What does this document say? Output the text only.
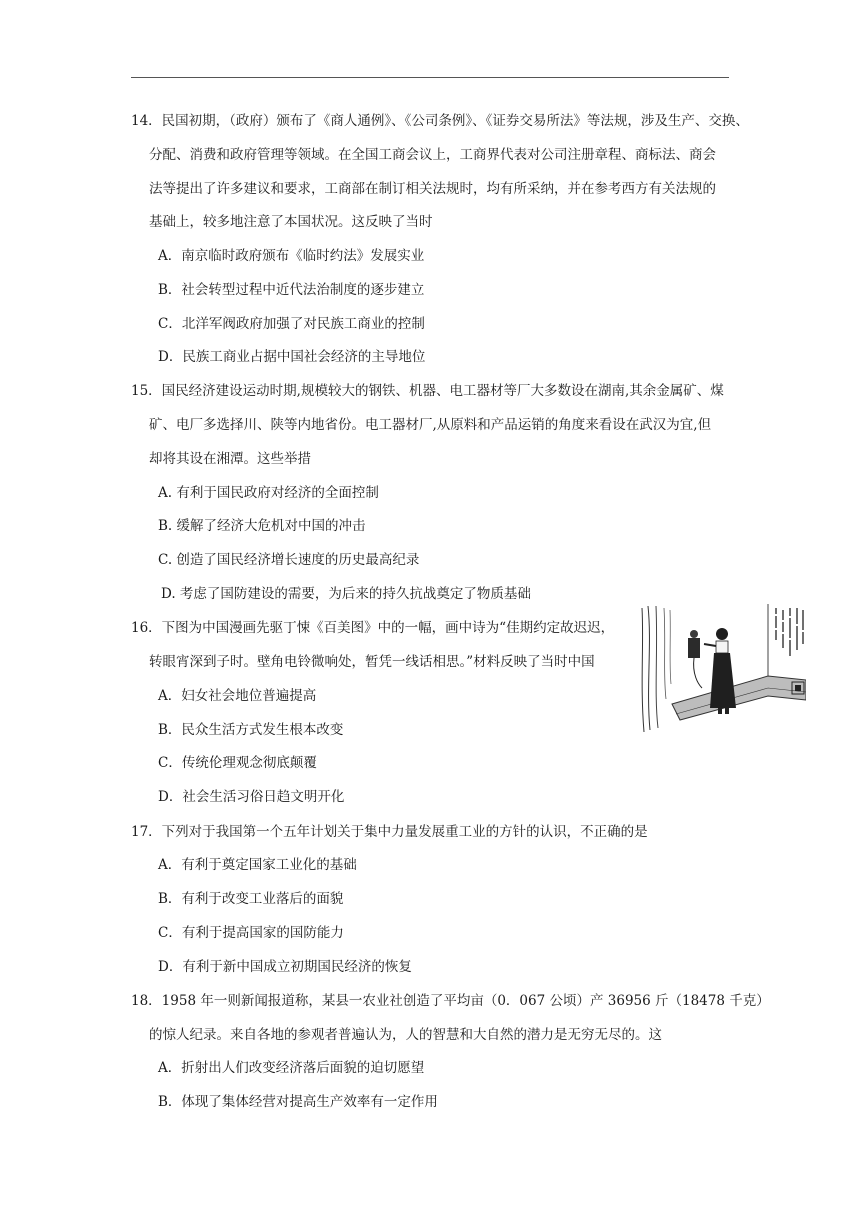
14．民国初期，（政府）颁布了《商人通例》、《公司条例》、《证券交易所法》等法规，涉及生产、交换、
分配、消费和政府管理等领域。在全国工商会议上，工商界代表对公司注册章程、商标法、商会
法等提出了许多建议和要求，工商部在制订相关法规时，均有所采纳，并在参考西方有关法规的
基础上，较多地注意了本国状况。这反映了当时
A．南京临时政府颁布《临时约法》发展实业
B．社会转型过程中近代法治制度的逐步建立
C．北洋军阀政府加强了对民族工商业的控制
D．民族工商业占据中国社会经济的主导地位
15．国民经济建设运动时期,规模较大的钢铁、机器、电工器材等厂大多数设在湖南,其余金属矿、煤
矿、电厂多选择川、陕等内地省份。电工器材厂,从原料和产品运销的角度来看设在武汉为宜,但
却将其设在湘潭。这些举措
A. 有利于国民政府对经济的全面控制
B. 缓解了经济大危机对中国的冲击
C. 创造了国民经济增长速度的历史最高纪录
D. 考虑了国防建设的需要，为后来的持久抗战奠定了物质基础
16．下图为中国漫画先驱丁悚《百美图》中的一幅，画中诗为“佳期约定故迟迟，
转眼宵深到子时。壁角电铃微响处，暂凭一线话相思。”材料反映了当时中国
A．妇女社会地位普遍提高
B．民众生活方式发生根本改变
C．传统伦理观念彻底颠覆
D．社会生活习俗日趋文明开化
17．下列对于我国第一个五年计划关于集中力量发展重工业的方针的认识，不正确的是
A．有利于奠定国家工业化的基础
B．有利于改变工业落后的面貌
C．有利于提高国家的国防能力
D．有利于新中国成立初期国民经济的恢复
18．1958 年一则新闻报道称，某县一农业社创造了平均亩（0．067 公顷）产 36956 斤（18478 千克）
的惊人纪录。来自各地的参观者普遍认为，人的智慧和大自然的潜力是无穷无尽的。这
A．折射出人们改变经济落后面貌的迫切愿望
B．体现了集体经营对提高生产效率有一定作用
